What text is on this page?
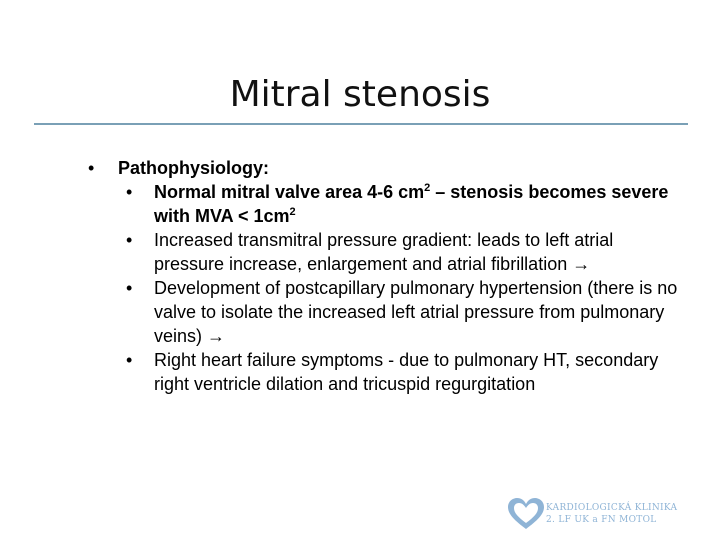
Mitral stenosis
• Pathophysiology:
• Normal mitral valve area 4-6 $cm^2$ – stenosis becomes severe with MVA < $1cm^2$
• Increased transmitral pressure gradient: leads to left atrial pressure increase, enlargement and atrial fibrillation →
• Development of postcapillary pulmonary hypertension (there is no valve to isolate the increased left atrial pressure from pulmonary veins) →
• Right heart failure symptoms - due to pulmonary HT, secondary right ventricle dilation and tricuspid regurgitation
KARDIOLOGICKÁ KLINIKA
2. LF UK a FN MOTOL
